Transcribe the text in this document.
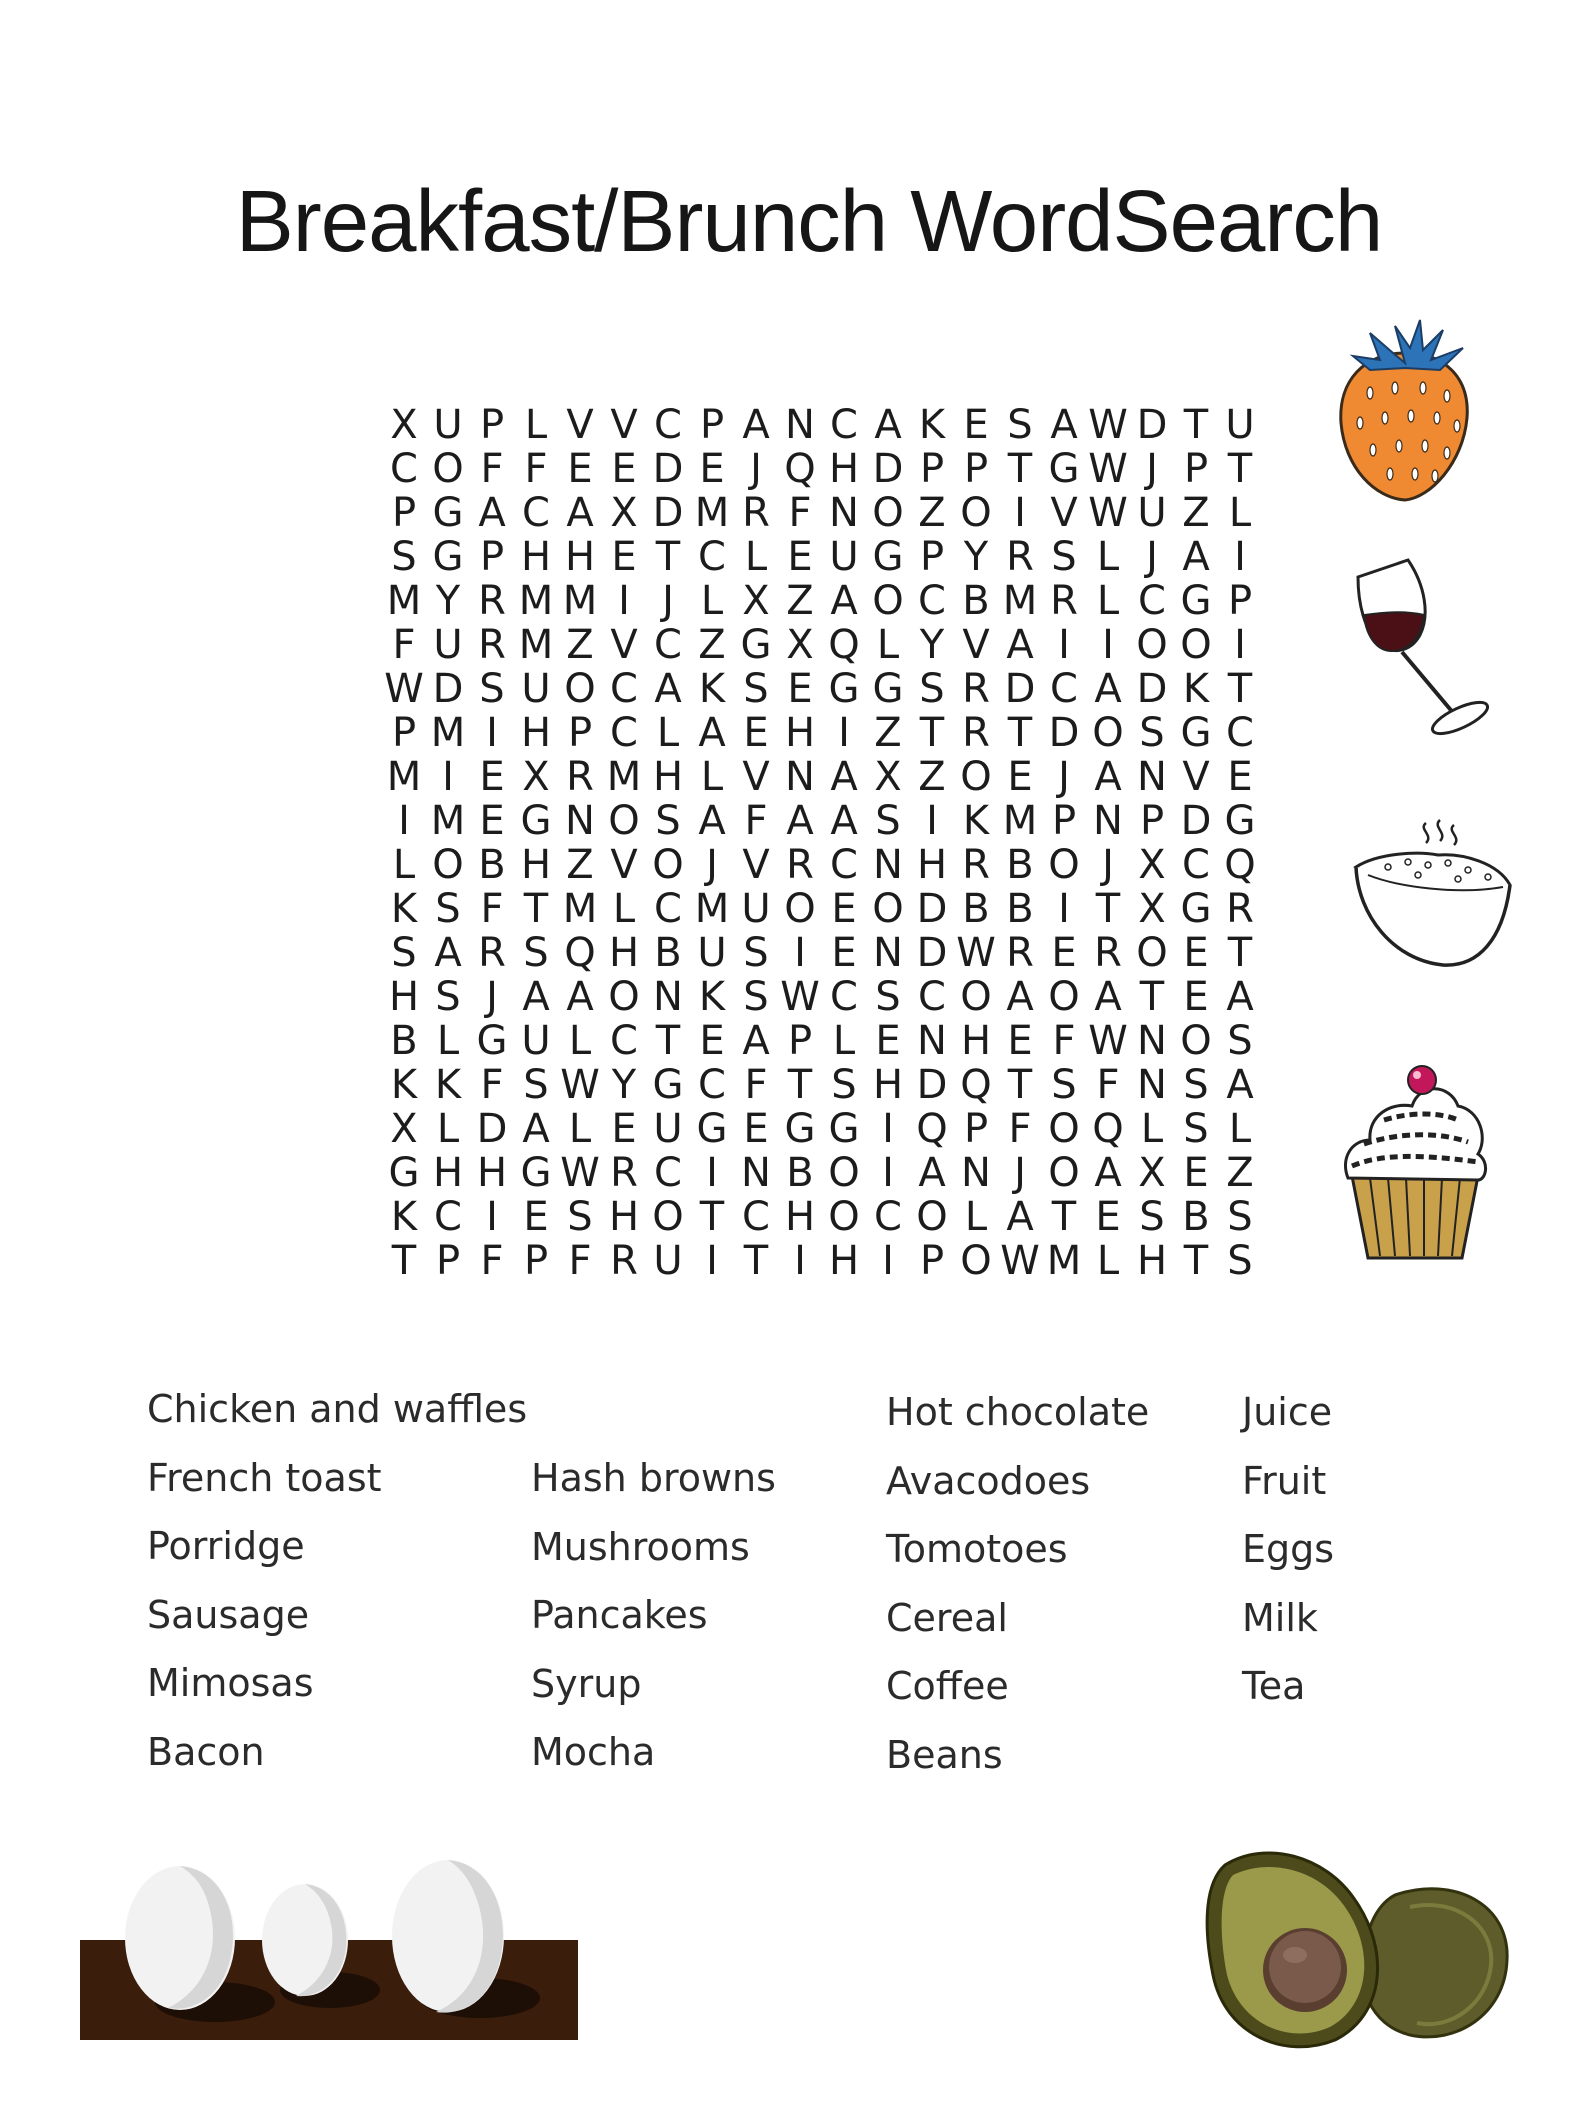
Breakfast/Brunch WordSearch
X U P L V V C P A N C A K E S A W D T U
C O F F E E D E J Q H D P P T G W J P T
P G A C A X D M R F N O Z O I V W U Z L
S G P H H E T C L E U G P Y R S L J A I
M Y R M M I J L X Z A O C B M R L C G P
F U R M Z V C Z G X Q L Y V A I I O O I
W D S U O C A K S E G G S R D C A D K T
P M I H P C L A E H I Z T R T D O S G C
M I E X R M H L V N A X Z O E J A N V E
I M E G N O S A F A A S I K M P N P D G
L O B H Z V O J V R C N H R B O J X C Q
K S F T M L C M U O E O D B B I T X G R
S A R S Q H B U S I E N D W R E R O E T
H S J A A O N K S W C S C O A O A T E A
B L G U L C T E A P L E N H E F W N O S
K K F S W Y G C F T S H D Q T S F N S A
X L D A L E U G E G G I Q P F O Q L S L
G H H G W R C I N B O I A N J O A X E Z
K C I E S H O T C H O C O L A T E S B S
T P F P F R U I T I H I P O W M L H T S
Chicken and waffles
French toast
Porridge
Sausage
Mimosas
Bacon
Hash browns
Mushrooms
Pancakes
Syrup
Mocha
Hot chocolate
Avacodoes
Tomotoes
Cereal
Coffee
Beans
Juice
Fruit
Eggs
Milk
Tea
